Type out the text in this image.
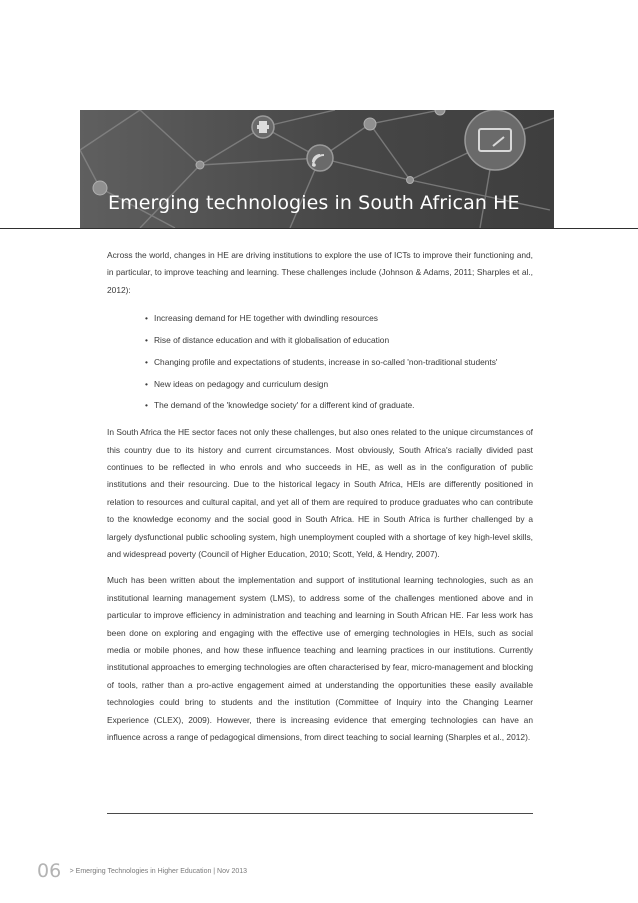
Emerging technologies in South African HE

Across the world, changes in HE are driving institutions to explore the use of ICTs to improve their functioning and, in particular, to improve teaching and learning. These challenges include (Johnson & Adams, 2011; Sharples et al., 2012):

• Increasing demand for HE together with dwindling resources
• Rise of distance education and with it globalisation of education
• Changing profile and expectations of students, increase in so-called 'non-traditional students'
• New ideas on pedagogy and curriculum design
• The demand of the 'knowledge society' for a different kind of graduate.

In South Africa the HE sector faces not only these challenges, but also ones related to the unique circumstances of this country due to its history and current circumstances. Most obviously, South Africa's racially divided past continues to be reflected in who enrols and who succeeds in HE, as well as in the configuration of public institutions and their resourcing. Due to the historical legacy in South Africa, HEIs are differently positioned in relation to resources and cultural capital, and yet all of them are required to produce graduates who can contribute to the knowledge economy and the social good in South Africa. HE in South Africa is further challenged by a largely dysfunctional public schooling system, high unemployment coupled with a shortage of key high-level skills, and widespread poverty (Council of Higher Education, 2010; Scott, Yeld, & Hendry, 2007).

Much has been written about the implementation and support of institutional learning technologies, such as an institutional learning management system (LMS), to address some of the challenges mentioned above and in particular to improve efficiency in administration and teaching and learning in South African HE. Far less work has been done on exploring and engaging with the effective use of emerging technologies in HEIs, such as social media or mobile phones, and how these influence teaching and learning practices in our institutions. Currently institutional approaches to emerging technologies are often characterised by fear, micro-management and blocking of tools, rather than a pro-active engagement aimed at understanding the opportunities these easily available technologies could bring to students and the institution (Committee of Inquiry into the Changing Learner Experience (CLEX), 2009). However, there is increasing evidence that emerging technologies can have an influence across a range of pedagogical dimensions, from direct teaching to social learning (Sharples et al., 2012).

06 > Emerging Technologies in Higher Education | Nov 2013
